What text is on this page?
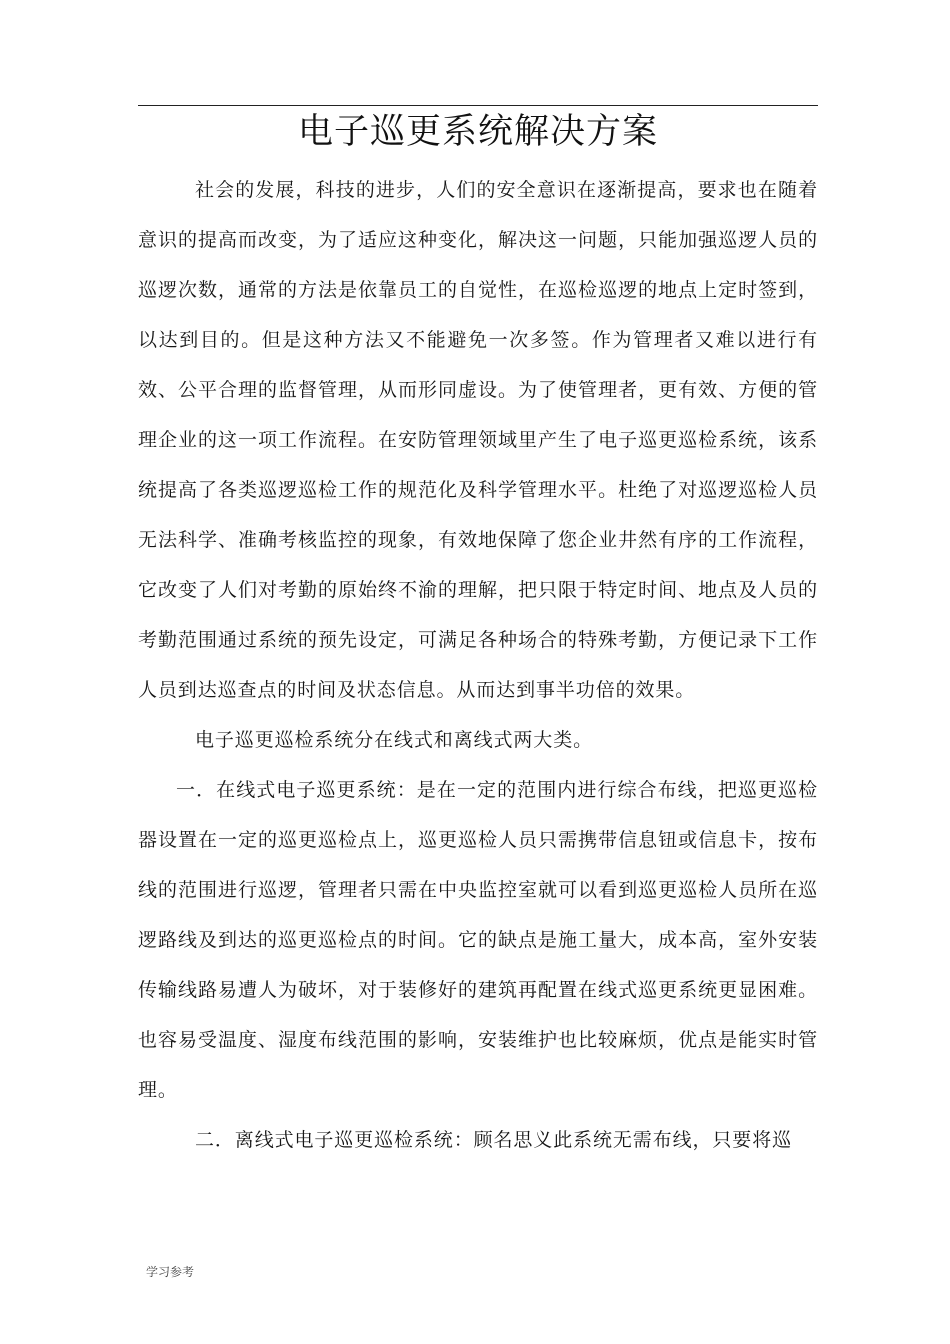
电子巡更系统解决方案

社会的发展，科技的进步，人们的安全意识在逐渐提高，要求也在随着意识的提高而改变，为了适应这种变化，解决这一问题，只能加强巡逻人员的巡逻次数，通常的方法是依靠员工的自觉性，在巡检巡逻的地点上定时签到，以达到目的。但是这种方法又不能避免一次多签。作为管理者又难以进行有效、公平合理的监督管理，从而形同虚设。为了使管理者，更有效、方便的管理企业的这一项工作流程。在安防管理领域里产生了电子巡更巡检系统，该系统提高了各类巡逻巡检工作的规范化及科学管理水平。杜绝了对巡逻巡检人员无法科学、准确考核监控的现象，有效地保障了您企业井然有序的工作流程，它改变了人们对考勤的原始终不渝的理解，把只限于特定时间、地点及人员的考勤范围通过系统的预先设定，可满足各种场合的特殊考勤，方便记录下工作人员到达巡查点的时间及状态信息。从而达到事半功倍的效果。

电子巡更巡检系统分在线式和离线式两大类。

一．在线式电子巡更系统：是在一定的范围内进行综合布线，把巡更巡检器设置在一定的巡更巡检点上，巡更巡检人员只需携带信息钮或信息卡，按布线的范围进行巡逻，管理者只需在中央监控室就可以看到巡更巡检人员所在巡逻路线及到达的巡更巡检点的时间。它的缺点是施工量大，成本高，室外安装传输线路易遭人为破坏，对于装修好的建筑再配置在线式巡更系统更显困难。也容易受温度、湿度布线范围的影响，安装维护也比较麻烦，优点是能实时管理。

二．离线式电子巡更巡检系统：顾名思义此系统无需布线，只要将巡

学习参考
